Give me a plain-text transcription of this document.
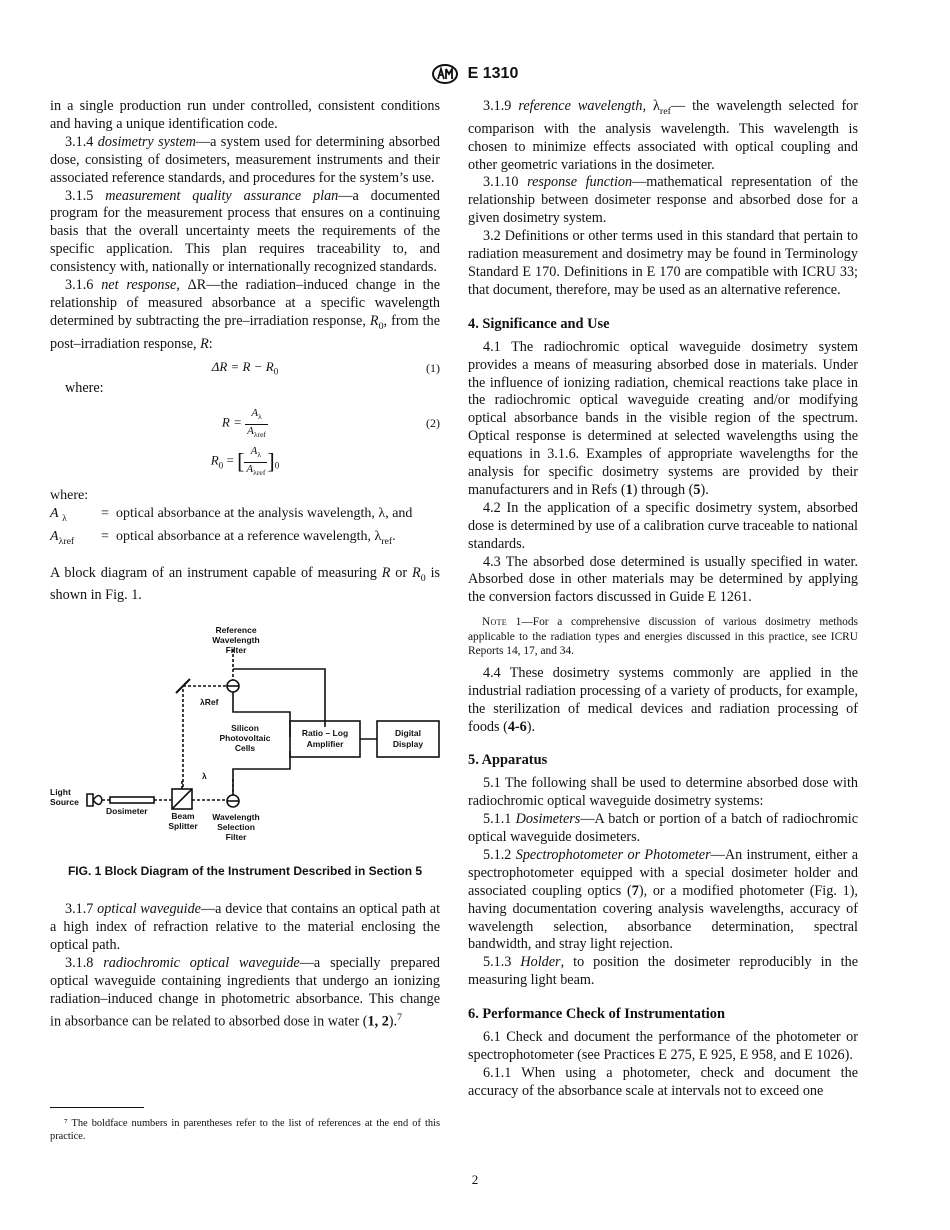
E 1310

in a single production run under controlled, consistent conditions and having a unique identification code.

3.1.4 dosimetry system—a system used for determining absorbed dose, consisting of dosimeters, measurement instruments and their associated reference standards, and procedures for the system’s use.

3.1.5 measurement quality assurance plan—a documented program for the measurement process that ensures on a continuing basis that the overall uncertainty meets the requirements of the specific application. This plan requires traceability to, and consistency with, nationally or internationally recognized standards.

3.1.6 net response, ΔR—the radiation–induced change in the relationship of measured absorbance at a specific wavelength determined by subtracting the pre–irradiation response, $R_0$, from the post–irradiation response, R:

$\Delta R = R - R_0$	(1)

where:

$R = \frac{A_\lambda}{A_{\lambda ref}}$	(2)
$R_0$ = [ $\frac{A_\lambda}{A_{\lambda ref}} ]_0$
where:
A $_\lambda$	= optical absorbance at the analysis wavelength, λ, and
$A_{\lambda ref}$	= optical absorbance at a reference wavelength, $\lambda_{ref}$.

A block diagram of an instrument capable of measuring R or $R_0$ is shown in Fig. 1.

Reference
Wavelength
Filter
λRef
Silicon
Photovoltaic
Cells
Ratio – Log
Amplifier
Digital
Display
λ
Light
Source
Dosimeter	Beam
Splitter
Wavelength
Selection
Filter
FIG. 1 Block Diagram of the Instrument Described in Section 5

3.1.7 optical waveguide—a device that contains an optical path at a high index of refraction relative to the material enclosing the optical path.

3.1.8 radiochromic optical waveguide—a specially prepared optical waveguide containing ingredients that undergo an ionizing radiation–induced change in photometric absorbance. This change in absorbance can be related to absorbed dose in water (1, 2).$^7$

⁷ The boldface numbers in parentheses refer to the list of references at the end of this practice.

3.1.9 reference wavelength, $\lambda_{ref}—$ the wavelength selected for comparison with the analysis wavelength. This wavelength is chosen to minimize effects associated with optical coupling and other geometric variations in the dosimeter.

3.1.10 response function—mathematical representation of the relationship between dosimeter response and absorbed dose for a given dosimetry system.

3.2 Definitions or other terms used in this standard that pertain to radiation measurement and dosimetry may be found in Terminology Standard E 170. Definitions in E 170 are compatible with ICRU 33; that document, therefore, may be used as an alternative reference.

4. Significance and Use

4.1 The radiochromic optical waveguide dosimetry system provides a means of measuring absorbed dose in materials. Under the influence of ionizing radiation, chemical reactions take place in the radiochromic optical waveguide creating and/or modifying optical absorbance bands in the visible region of the spectrum. Optical response is determined at selected wavelengths using the equations in 3.1.6. Examples of appropriate wavelengths for the analysis for specific dosimetry systems are provided by their manufacturers and in Refs (1) through (5).

4.2 In the application of a specific dosimetry system, absorbed dose is determined by use of a calibration curve traceable to national standards.

4.3 The absorbed dose determined is usually specified in water. Absorbed dose in other materials may be determined by applying the conversion factors discussed in Guide E 1261.

Note 1—For a comprehensive discussion of various dosimetry methods applicable to the radiation types and energies discussed in this practice, see ICRU Reports 14, 17, and 34.

4.4 These dosimetry systems commonly are applied in the industrial radiation processing of a variety of products, for example, the sterilization of medical devices and radiation processing of foods (4-6).

5. Apparatus

5.1 The following shall be used to determine absorbed dose with radiochromic optical waveguide dosimetry systems:

5.1.1 Dosimeters—A batch or portion of a batch of radiochromic optical waveguide dosimeters.

5.1.2 Spectrophotometer or Photometer—An instrument, either a spectrophotometer equipped with a special dosimeter holder and associated coupling optics (7), or a modified photometer (Fig. 1), having documentation covering analysis wavelengths, accuracy of wavelength selection, absorbance determination, spectral bandwidth, and stray light rejection.

5.1.3 Holder, to position the dosimeter reproducibly in the measuring light beam.

6. Performance Check of Instrumentation

6.1 Check and document the performance of the photometer or spectrophotometer (see Practices E 275, E 925, E 958, and E 1026).

6.1.1 When using a photometer, check and document the accuracy of the absorbance scale at intervals not to exceed one

2
